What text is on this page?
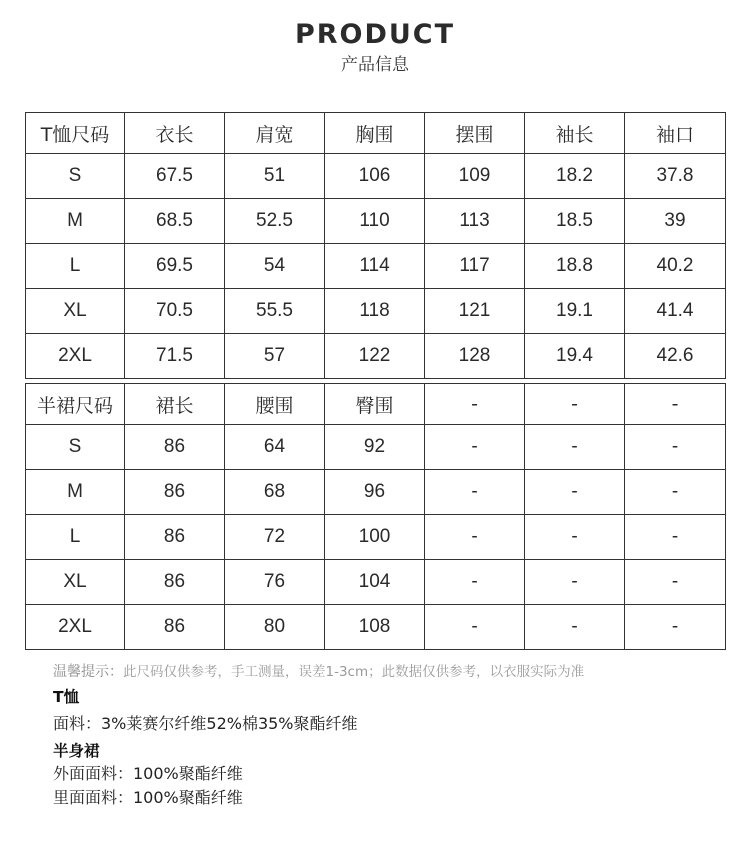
PRODUCT
产品信息
T恤尺码	衣长	肩宽	胸围	摆围	袖长	袖口
S	67.5	51	106	109	18.2	37.8
M	68.5	52.5	110	113	18.5	39
L	69.5	54	114	117	18.8	40.2
XL	70.5	55.5	118	121	19.1	41.4
2XL	71.5	57	122	128	19.4	42.6
半裙尺码	裙长	腰围	臀围	-	-	-
S	86	64	92	-	-	-
M	86	68	96	-	-	-
L	86	72	100	-	-	-
XL	86	76	104	-	-	-
2XL	86	80	108	-	-	-
温馨提示：此尺码仅供参考，手工测量，误差1-3cm；此数据仅供参考，以衣服实际为准
T恤
面料：3%莱赛尔纤维52%棉35%聚酯纤维
半身裙
外面面料：100%聚酯纤维
里面面料：100%聚酯纤维
